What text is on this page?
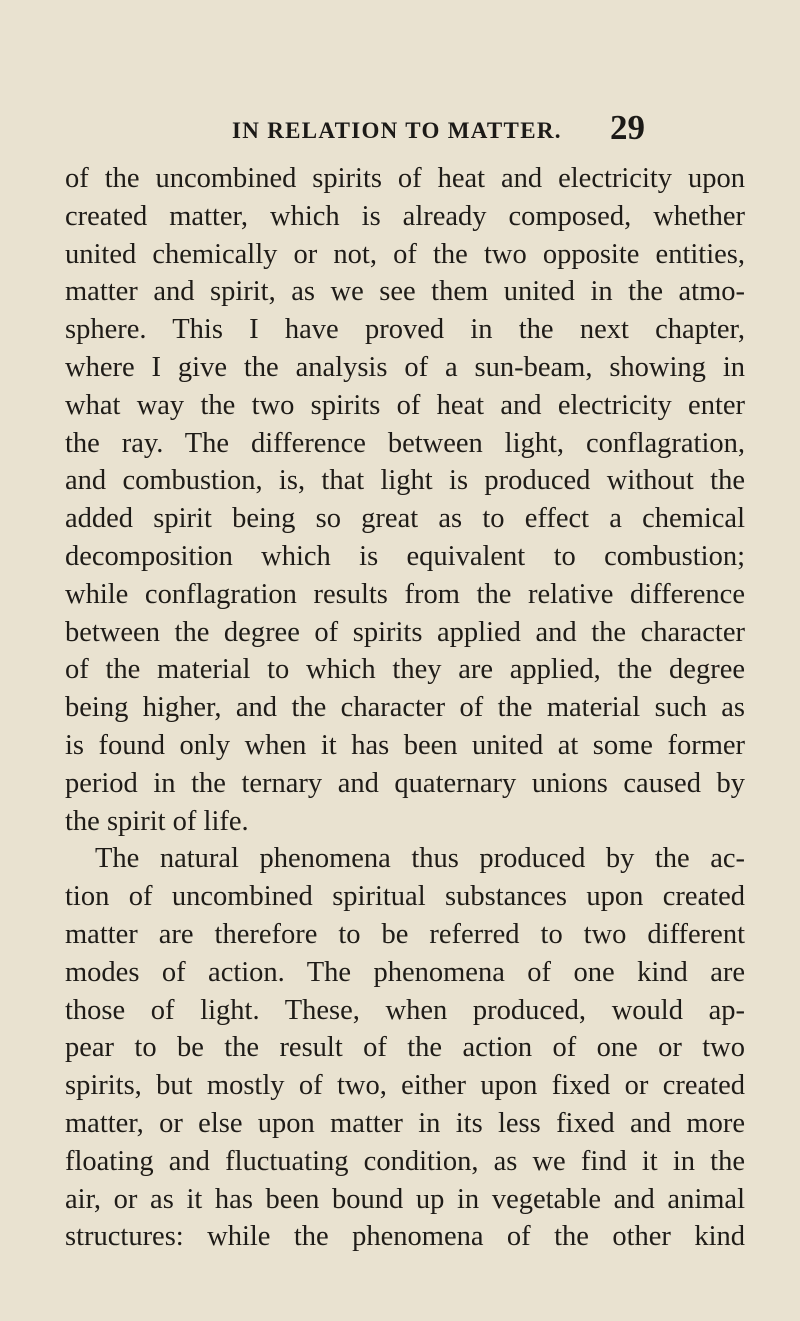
IN RELATION TO MATTER. 29
of the uncombined spirits of heat and electricity upon
created matter, which is already composed, whether
united chemically or not, of the two opposite entities,
matter and spirit, as we see them united in the atmo-
sphere. This I have proved in the next chapter,
where I give the analysis of a sun-beam, showing in
what way the two spirits of heat and electricity enter
the ray. The difference between light, conflagration,
and combustion, is, that light is produced without the
added spirit being so great as to effect a chemical
decomposition which is equivalent to combustion;
while conflagration results from the relative difference
between the degree of spirits applied and the character
of the material to which they are applied, the degree
being higher, and the character of the material such as
is found only when it has been united at some former
period in the ternary and quaternary unions caused by
the spirit of life.
The natural phenomena thus produced by the ac-
tion of uncombined spiritual substances upon created
matter are therefore to be referred to two different
modes of action. The phenomena of one kind are
those of light. These, when produced, would ap-
pear to be the result of the action of one or two
spirits, but mostly of two, either upon fixed or created
matter, or else upon matter in its less fixed and more
floating and fluctuating condition, as we find it in the
air, or as it has been bound up in vegetable and animal
structures: while the phenomena of the other kind
